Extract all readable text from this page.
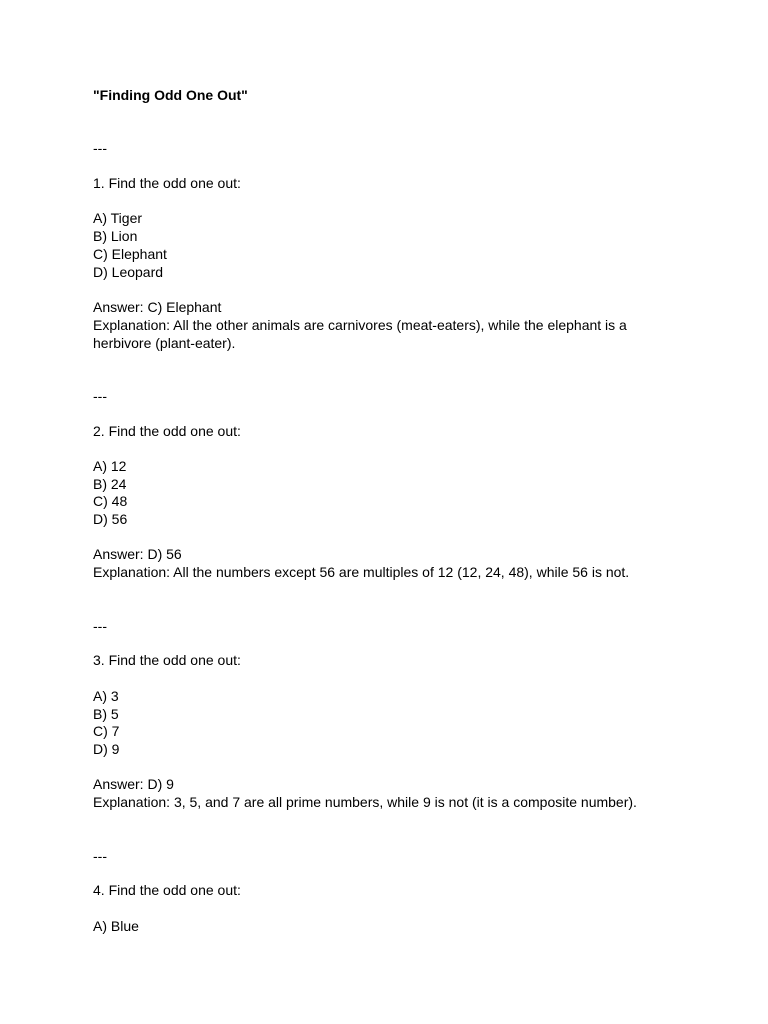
"Finding Odd One Out"
---
1. Find the odd one out:
A) Tiger
B) Lion
C) Elephant
D) Leopard
Answer: C) Elephant
Explanation: All the other animals are carnivores (meat-eaters), while the elephant is a herbivore (plant-eater).
---
2. Find the odd one out:
A) 12
B) 24
C) 48
D) 56
Answer: D) 56
Explanation: All the numbers except 56 are multiples of 12 (12, 24, 48), while 56 is not.
---
3. Find the odd one out:
A) 3
B) 5
C) 7
D) 9
Answer: D) 9
Explanation: 3, 5, and 7 are all prime numbers, while 9 is not (it is a composite number).
---
4. Find the odd one out:
A) Blue
